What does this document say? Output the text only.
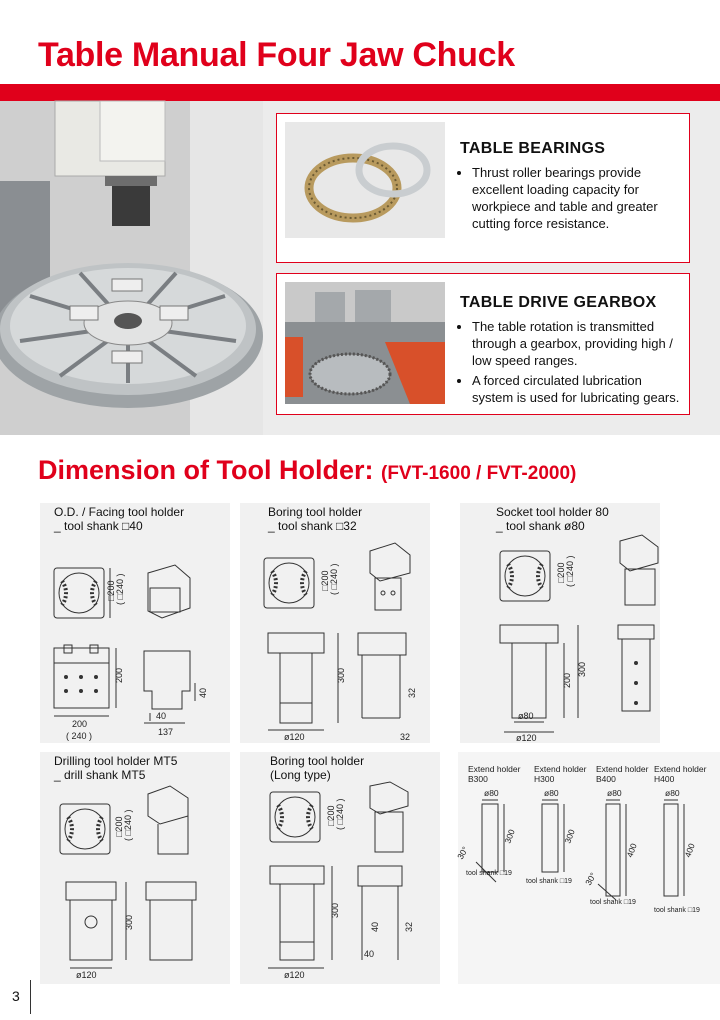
Table Manual Four Jaw Chuck
TABLE BEARINGS
• Thrust roller bearings provide excellent loading capacity for workpiece and table and greater cutting force resistance.
TABLE DRIVE GEARBOX
• The table rotation is transmitted through a gearbox, providing high / low speed ranges.
• A forced circulated lubrication system is used for lubricating gears.
Dimension of Tool Holder: (FVT-1600 / FVT-2000)
O.D. / Facing tool holder
_ tool shank □40
□200 ( □240 )
200
40
200
( 240 )
40
137
Boring tool holder
_ tool shank □32
□200 ( □240 )
300
32
ø120	32
Socket tool holder 80
_ tool shank ø80
□200 ( □240 )
300
200
ø80
ø120
Drilling tool holder MT5
_ drill shank MT5
□200 ( □240 )
300
ø120
Boring tool holder
(Long type)
□200 ( □240 )
300
40	32
40
ø120
Extend holder
B300
Extend holder
H300
Extend holder
B400
Extend holder
H400
ø80	ø80	ø80	ø80
300	300
400	400
30°
30°
tool shank □19
tool shank □19
tool shank □19
tool shank □19
3
